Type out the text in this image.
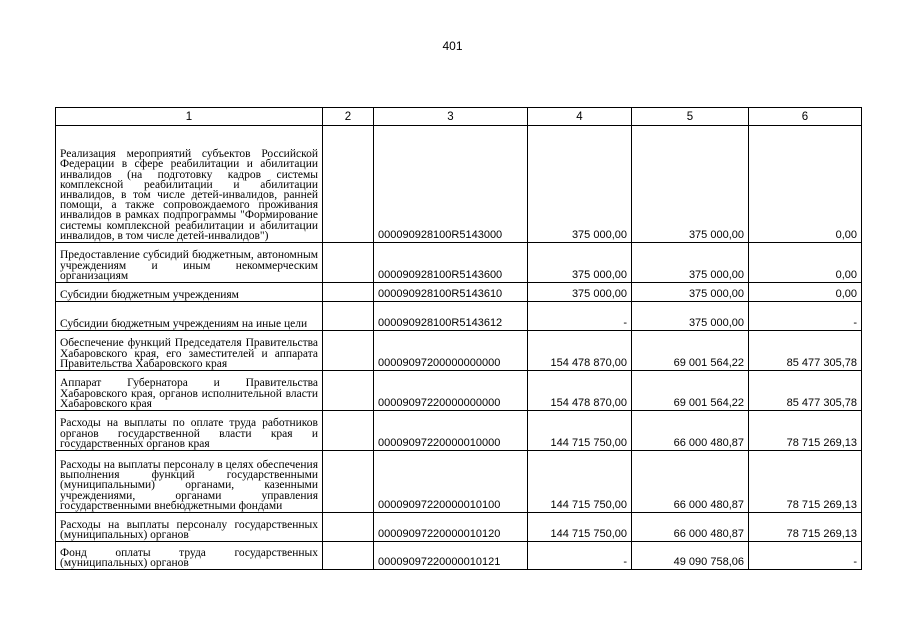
401
1	2	3	4	5	6
Реализация мероприятий субъектов Российской Федерации в сфере реабилитации и абилитации инвалидов (на подготовку кадров системы комплексной реабилитации и абилитации инвалидов, в том числе детей-инвалидов, ранней помощи, а также сопровождаемого проживания инвалидов в рамках подпрограммы "Формирование системы комплексной реабилитации и абилитации инвалидов, в том числе детей-инвалидов")		000090928100R5143000	375 000,00	375 000,00	0,00
Предоставление субсидий бюджетным, автономным учреждениям и иным некоммерческим организациям		000090928100R5143600	375 000,00	375 000,00	0,00
Субсидии бюджетным учреждениям		000090928100R5143610	375 000,00	375 000,00	0,00
Субсидии бюджетным учреждениям на иные цели		000090928100R5143612	-	375 000,00	-
Обеспечение функций Председателя Правительства Хабаровского края, его заместителей и аппарата Правительства Хабаровского края		00009097200000000000	154 478 870,00	69 001 564,22	85 477 305,78
Аппарат Губернатора и Правительства Хабаровского края, органов исполнительной власти Хабаровского края		00009097220000000000	154 478 870,00	69 001 564,22	85 477 305,78
Расходы на выплаты по оплате труда работников органов государственной власти края и государственных органов края		00009097220000010000	144 715 750,00	66 000 480,87	78 715 269,13
Расходы на выплаты персоналу в целях обеспечения выполнения функций государственными (муниципальными) органами, казенными учреждениями, органами управления государственными внебюджетными фондами		00009097220000010100	144 715 750,00	66 000 480,87	78 715 269,13
Расходы на выплаты персоналу государственных (муниципальных) органов		00009097220000010120	144 715 750,00	66 000 480,87	78 715 269,13
Фонд оплаты труда государственных (муниципальных) органов		00009097220000010121	-	49 090 758,06	-
